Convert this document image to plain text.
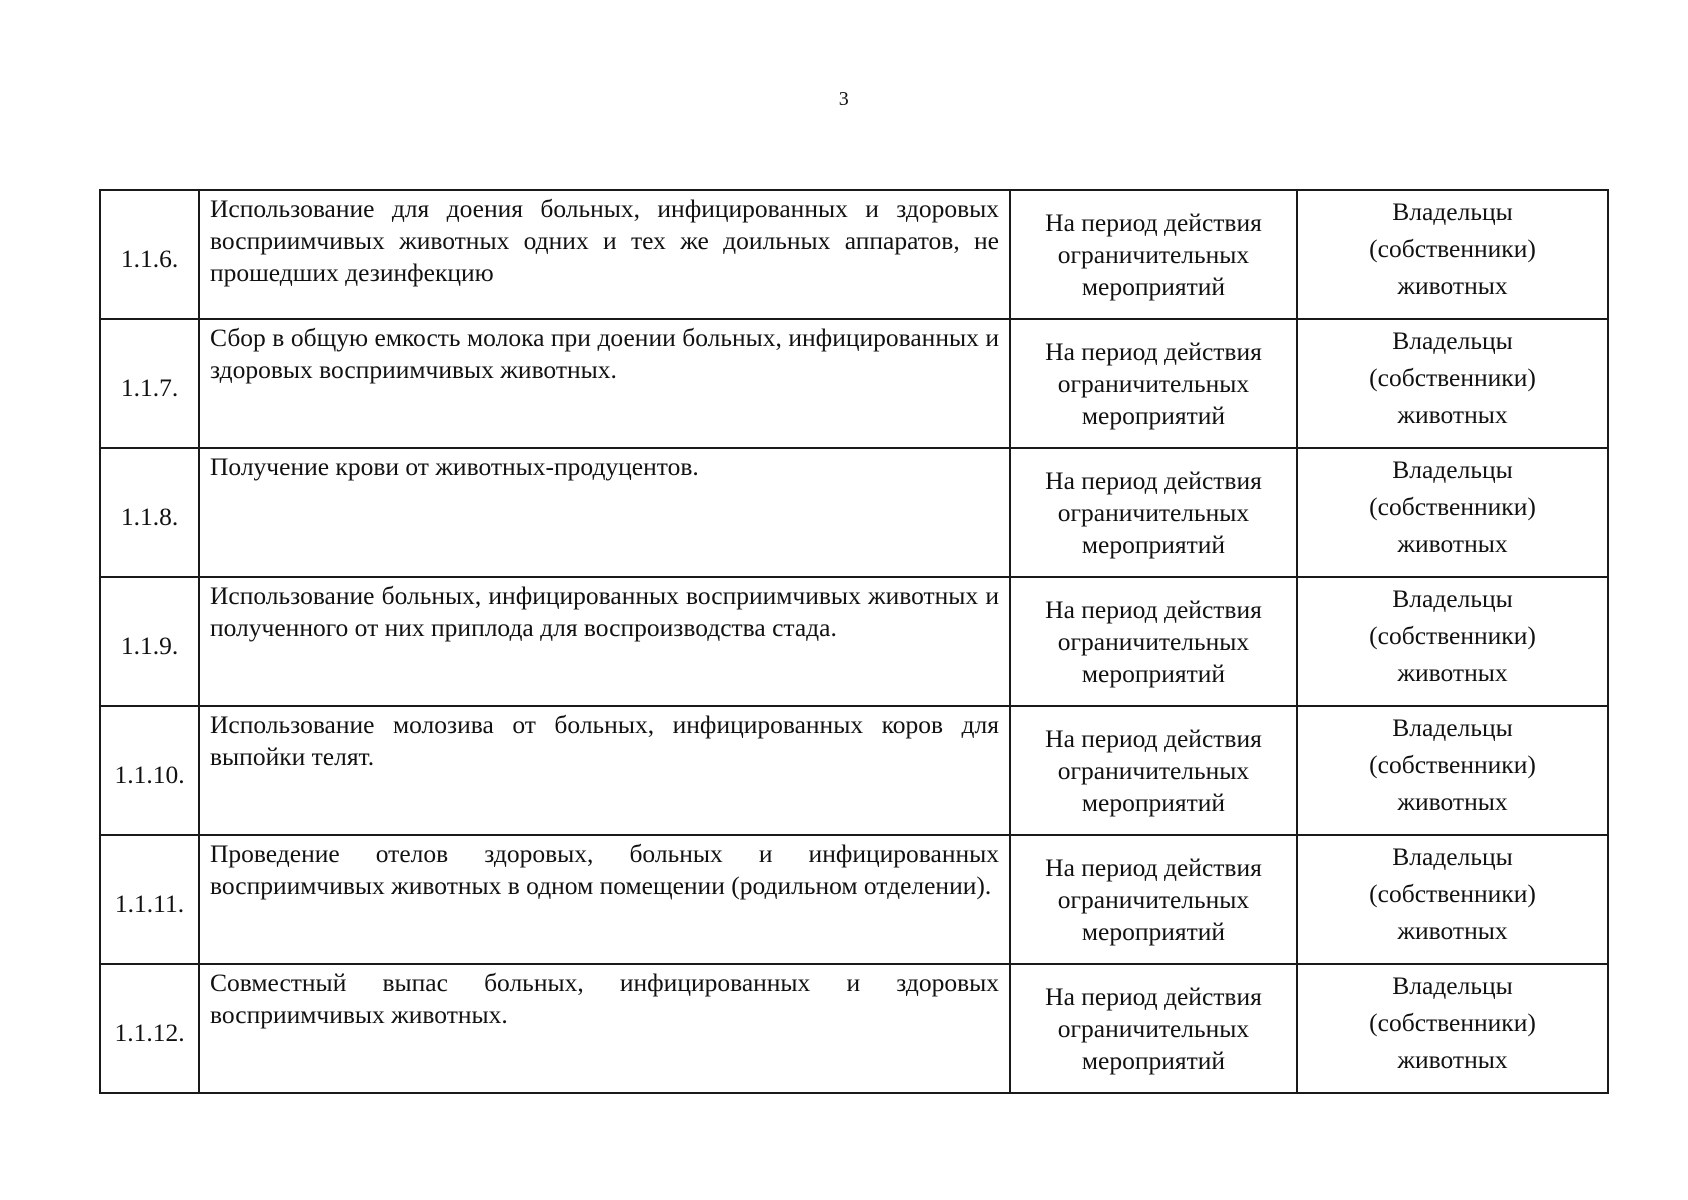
3
1.1.6.	Использование для доения больных, инфицированных и здоровых восприимчивых животных одних и тех же доильных аппаратов, не прошедших дезинфекцию	На период действия
ограничительных
мероприятий	Владельцы
(собственники)
животных

1.1.7.	Сбор в общую емкость молока при доении больных, инфицированных и здоровых восприимчивых животных.	На период действия
ограничительных
мероприятий	Владельцы
(собственники)
животных

1.1.8.	Получение крови от животных-продуцентов.	На период действия
ограничительных
мероприятий	Владельцы
(собственники)
животных

1.1.9.	Использование больных, инфицированных восприимчивых животных и полученного от них приплода для воспроизводства стада.	На период действия
ограничительных
мероприятий	Владельцы
(собственники)
животных

1.1.10.	Использование молозива от больных, инфицированных коров для выпойки телят.	На период действия
ограничительных
мероприятий	Владельцы
(собственники)
животных

1.1.11.	Проведение отелов здоровых, больных и инфицированных восприимчивых животных в одном помещении (родильном отделении).	На период действия
ограничительных
мероприятий	Владельцы
(собственники)
животных

1.1.12.	Совместный выпас больных, инфицированных и здоровых восприимчивых животных.	На период действия
ограничительных
мероприятий	Владельцы
(собственники)
животных
